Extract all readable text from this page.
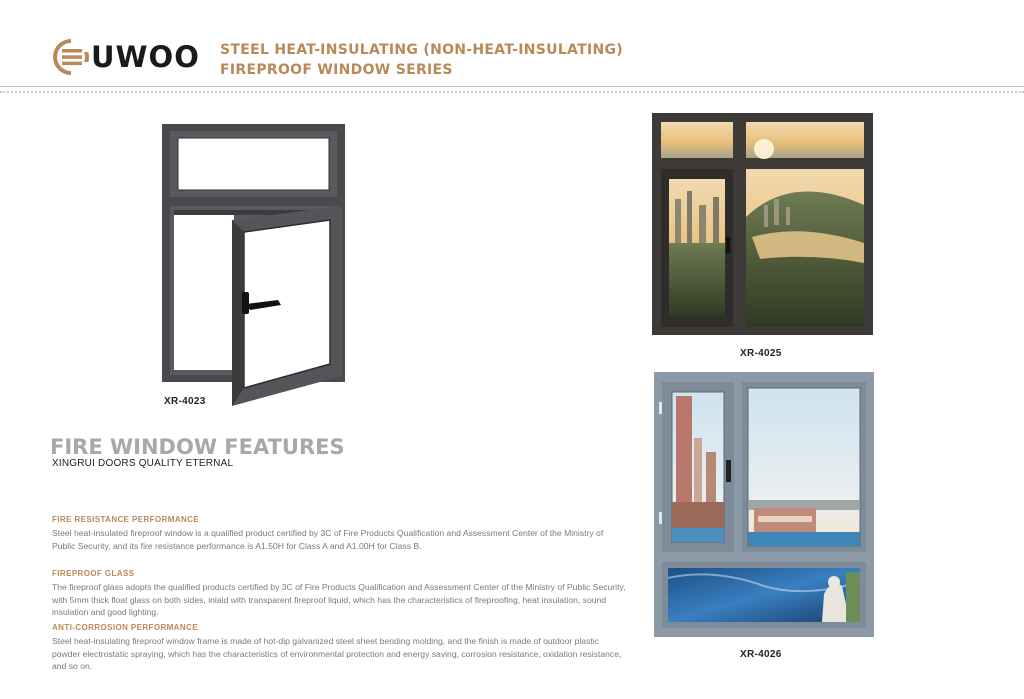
UWOO STEEL HEAT-INSULATING (NON-HEAT-INSULATING)
FIREPROOF WINDOW SERIES
XR-4023
XR-4025
XR-4026
FIRE WINDOW FEATURES
XINGRUI DOORS QUALITY ETERNAL
FIRE RESISTANCE PERFORMANCE

Steel heat-insulated fireproof window is a qualified product certified by 3C of Fire Products Qualification and Assessment Center of the Ministry of Public Security, and its fire resistance performance is A1.50H for Class A and A1.00H for Class B.

FIREPROOF GLASS

The fireproof glass adopts the qualified products certified by 3C of Fire Products Qualification and Assessment Center of the Ministry of Public Security, with 5mm thick float glass on both sides, inlaid with transparent fireproof liquid, which has the characteristics of fireproofing, heat insulation, sound insulation and good lighting.

ANTI-CORROSION PERFORMANCE

Steel heat-insulating fireproof window frame is made of hot-dip galvanized steel sheet bending molding, and the finish is made of outdoor plastic powder electrostatic spraying, which has the characteristics of environmental protection and energy saving, corrosion resistance, oxidation resistance, and so on.
